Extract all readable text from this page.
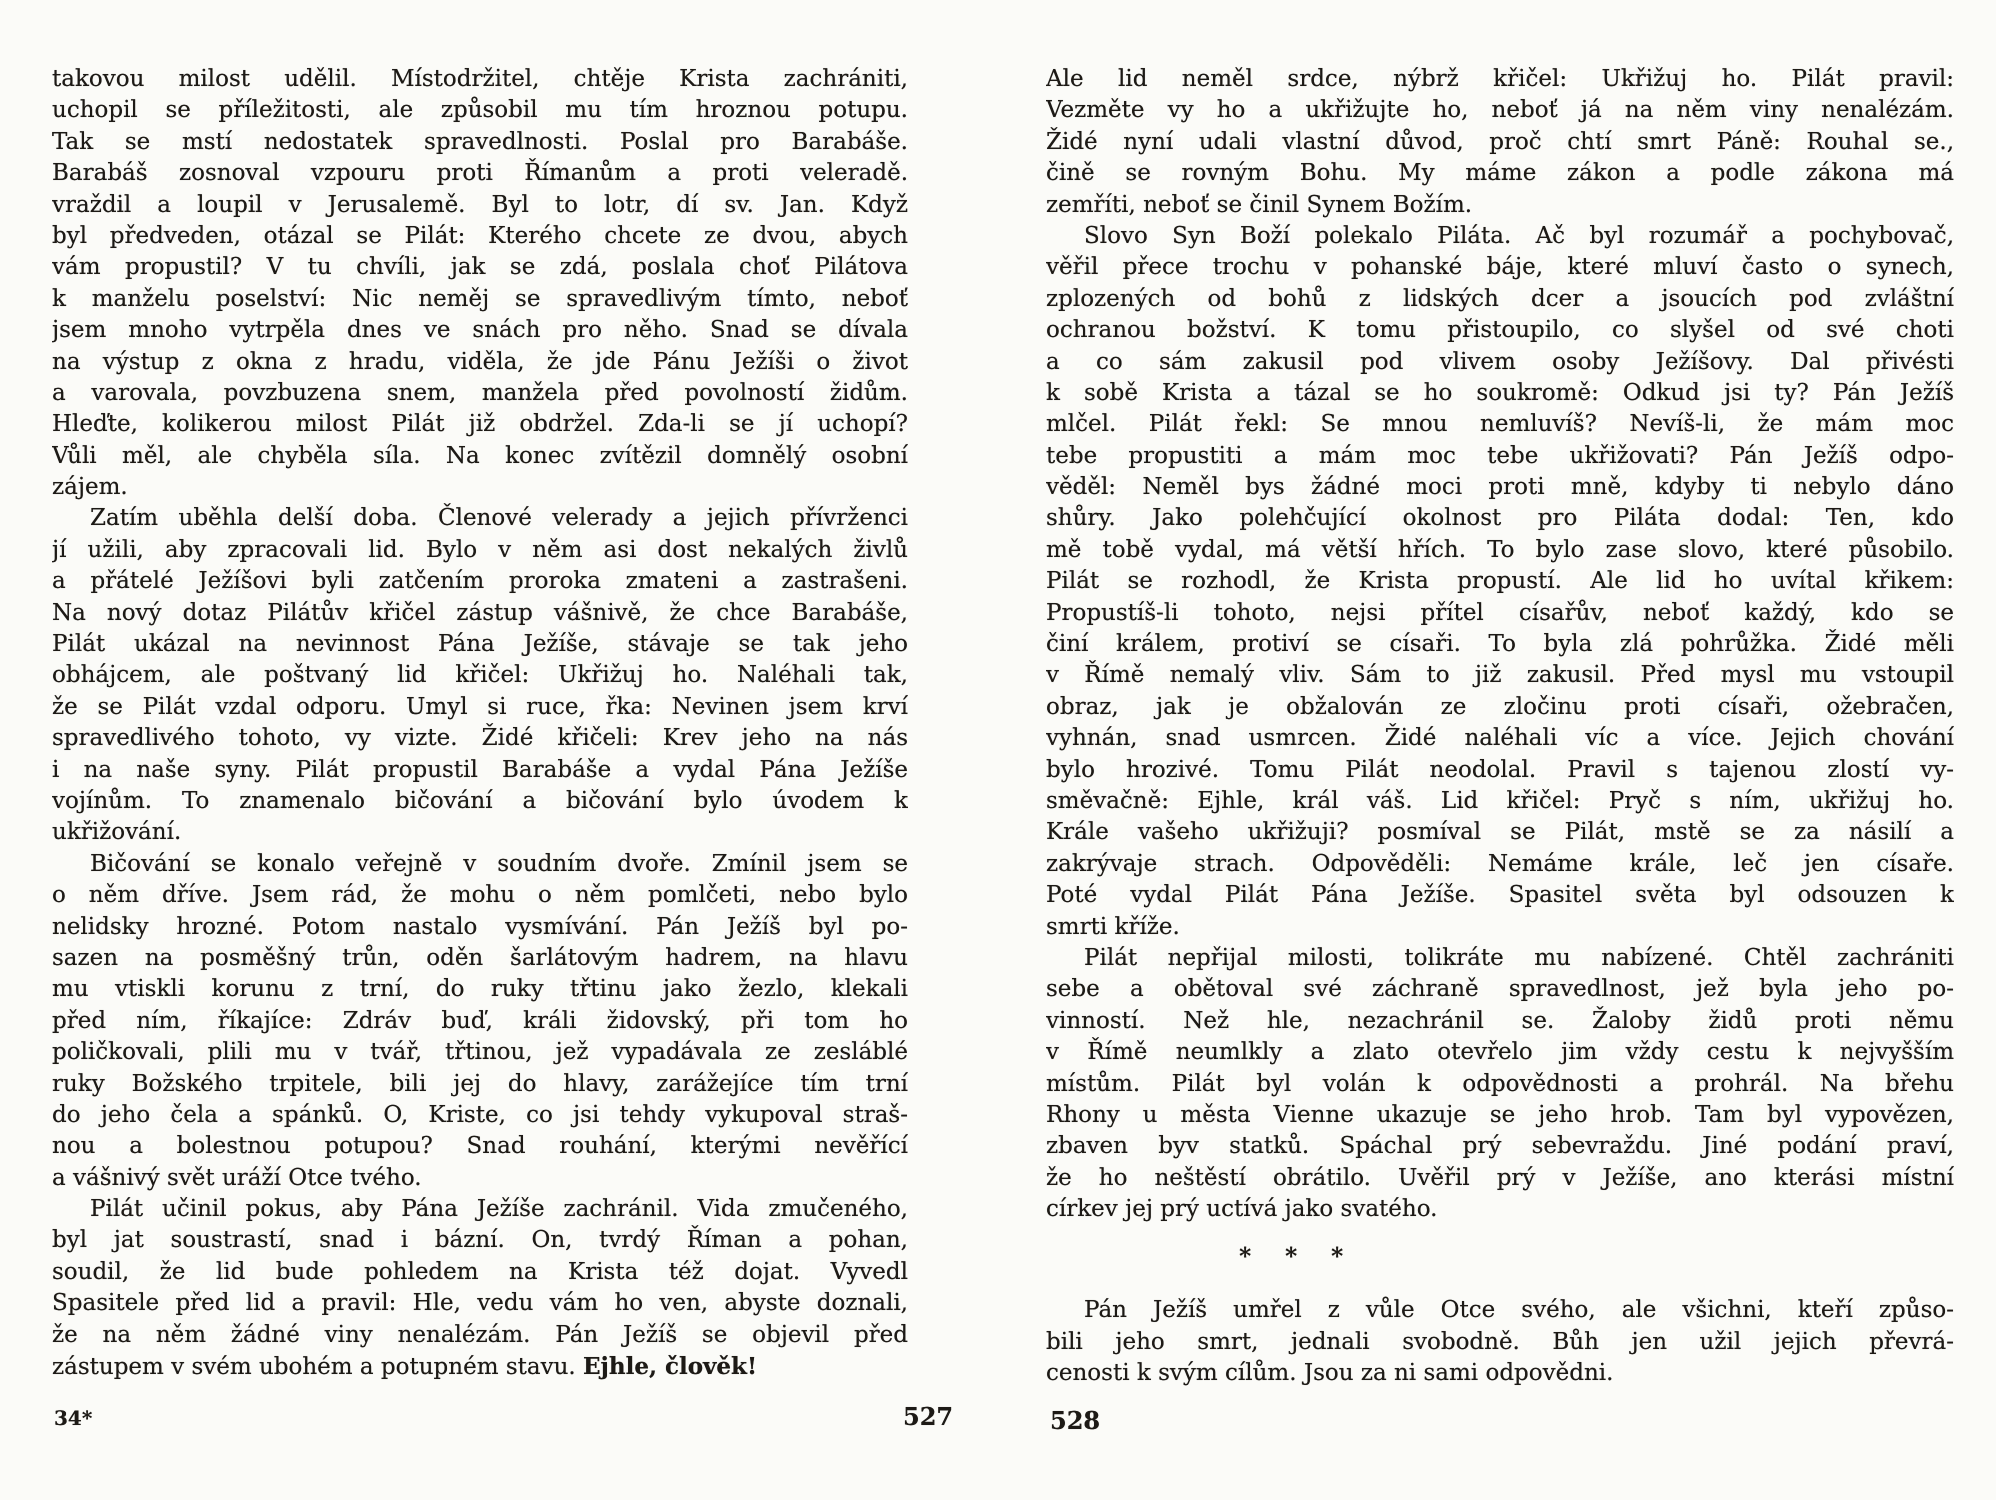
takovou milost udělil. Místodržitel, chtěje Krista zachrániti,
uchopil se příležitosti, ale způsobil mu tím hroznou potupu.
Tak se mstí nedostatek spravedlnosti. Poslal pro Barabáše.
Barabáš zosnoval vzpouru proti Římanům a proti veleradě.
vraždil a loupil v Jerusalemě. Byl to lotr, dí sv. Jan. Když
byl předveden, otázal se Pilát: Kterého chcete ze dvou, abych
vám propustil? V tu chvíli, jak se zdá, poslala choť Pilátova
k manželu poselství: Nic neměj se spravedlivým tímto, neboť
jsem mnoho vytrpěla dnes ve snách pro něho. Snad se dívala
na výstup z okna z hradu, viděla, že jde Pánu Ježíši o život
a varovala, povzbuzena snem, manžela před povolností židům.
Hleďte, kolikerou milost Pilát již obdržel. Zda-li se jí uchopí?
Vůli měl, ale chyběla síla. Na konec zvítězil domnělý osobní
zájem.
Zatím uběhla delší doba. Členové velerady a jejich přívrženci
jí užili, aby zpracovali lid. Bylo v něm asi dost nekalých živlů
a přátelé Ježíšovi byli zatčením proroka zmateni a zastrašeni.
Na nový dotaz Pilátův křičel zástup vášnivě, že chce Barabáše,
Pilát ukázal na nevinnost Pána Ježíše, stávaje se tak jeho
obhájcem, ale poštvaný lid křičel: Ukřižuj ho. Naléhali tak,
že se Pilát vzdal odporu. Umyl si ruce, řka: Nevinen jsem krví
spravedlivého tohoto, vy vizte. Židé křičeli: Krev jeho na nás
i na naše syny. Pilát propustil Barabáše a vydal Pána Ježíše
vojínům. To znamenalo bičování a bičování bylo úvodem k
ukřižování.
Bičování se konalo veřejně v soudním dvoře. Zmínil jsem se
o něm dříve. Jsem rád, že mohu o něm pomlčeti, nebo bylo
nelidsky hrozné. Potom nastalo vysmívání. Pán Ježíš byl po-
sazen na posměšný trůn, oděn šarlátovým hadrem, na hlavu
mu vtiskli korunu z trní, do ruky třtinu jako žezlo, klekali
před ním, říkajíce: Zdráv buď, králi židovský, při tom ho
poličkovali, plili mu v tvář, třtinou, jež vypadávala ze zesláblé
ruky Božského trpitele, bili jej do hlavy, zarážejíce tím trní
do jeho čela a spánků. O, Kriste, co jsi tehdy vykupoval straš-
nou a bolestnou potupou? Snad rouhání, kterými nevěřící
a vášnivý svět uráží Otce tvého.
Pilát učinil pokus, aby Pána Ježíše zachránil. Vida zmučeného,
byl jat soustrastí, snad i bázní. On, tvrdý Říman a pohan,
soudil, že lid bude pohledem na Krista též dojat. Vyvedl
Spasitele před lid a pravil: Hle, vedu vám ho ven, abyste doznali,
že na něm žádné viny nenalézám. Pán Ježíš se objevil před
zástupem v svém ubohém a potupném stavu. Ejhle, člověk!
Ale lid neměl srdce, nýbrž křičel: Ukřižuj ho. Pilát pravil:
Vezměte vy ho a ukřižujte ho, neboť já na něm viny nenalézám.
Židé nyní udali vlastní důvod, proč chtí smrt Páně: Rouhal se.,
čině se rovným Bohu. My máme zákon a podle zákona má
zemříti, neboť se činil Synem Božím.
Slovo Syn Boží polekalo Piláta. Ač byl rozumář a pochybovač,
věřil přece trochu v pohanské báje, které mluví často o synech,
zplozených od bohů z lidských dcer a jsoucích pod zvláštní
ochranou božství. K tomu přistoupilo, co slyšel od své choti
a co sám zakusil pod vlivem osoby Ježíšovy. Dal přivésti
k sobě Krista a tázal se ho soukromě: Odkud jsi ty? Pán Ježíš
mlčel. Pilát řekl: Se mnou nemluvíš? Nevíš-li, že mám moc
tebe propustiti a mám moc tebe ukřižovati? Pán Ježíš odpo-
věděl: Neměl bys žádné moci proti mně, kdyby ti nebylo dáno
shůry. Jako polehčující okolnost pro Piláta dodal: Ten, kdo
mě tobě vydal, má větší hřích. To bylo zase slovo, které působilo.
Pilát se rozhodl, že Krista propustí. Ale lid ho uvítal křikem:
Propustíš-li tohoto, nejsi přítel císařův, neboť každý, kdo se
činí králem, protiví se císaři. To byla zlá pohrůžka. Židé měli
v Římě nemalý vliv. Sám to již zakusil. Před mysl mu vstoupil
obraz, jak je obžalován ze zločinu proti císaři, ožebračen,
vyhnán, snad usmrcen. Židé naléhali víc a více. Jejich chování
bylo hrozivé. Tomu Pilát neodolal. Pravil s tajenou zlostí vy-
směvačně: Ejhle, král váš. Lid křičel: Pryč s ním, ukřižuj ho.
Krále vašeho ukřižuji? posmíval se Pilát, mstě se za násilí a
zakrývaje strach. Odpověděli: Nemáme krále, leč jen císaře.
Poté vydal Pilát Pána Ježíše. Spasitel světa byl odsouzen k
smrti kříže.
Pilát nepřijal milosti, tolikráte mu nabízené. Chtěl zachrániti
sebe a obětoval své záchraně spravedlnost, jež byla jeho po-
vinností. Než hle, nezachránil se. Žaloby židů proti němu
v Římě neumlkly a zlato otevřelo jim vždy cestu k nejvyšším
místům. Pilát byl volán k odpovědnosti a prohrál. Na břehu
Rhony u města Vienne ukazuje se jeho hrob. Tam byl vypovězen,
zbaven byv statků. Spáchal prý sebevraždu. Jiné podání praví,
že ho neštěstí obrátilo. Uvěřil prý v Ježíše, ano kterási místní
církev jej prý uctívá jako svatého.
* * *
Pán Ježíš umřel z vůle Otce svého, ale všichni, kteří způso-
bili jeho smrt, jednali svobodně. Bůh jen užil jejich převrá-
cenosti k svým cílům. Jsou za ni sami odpovědni.
34*	527	528
